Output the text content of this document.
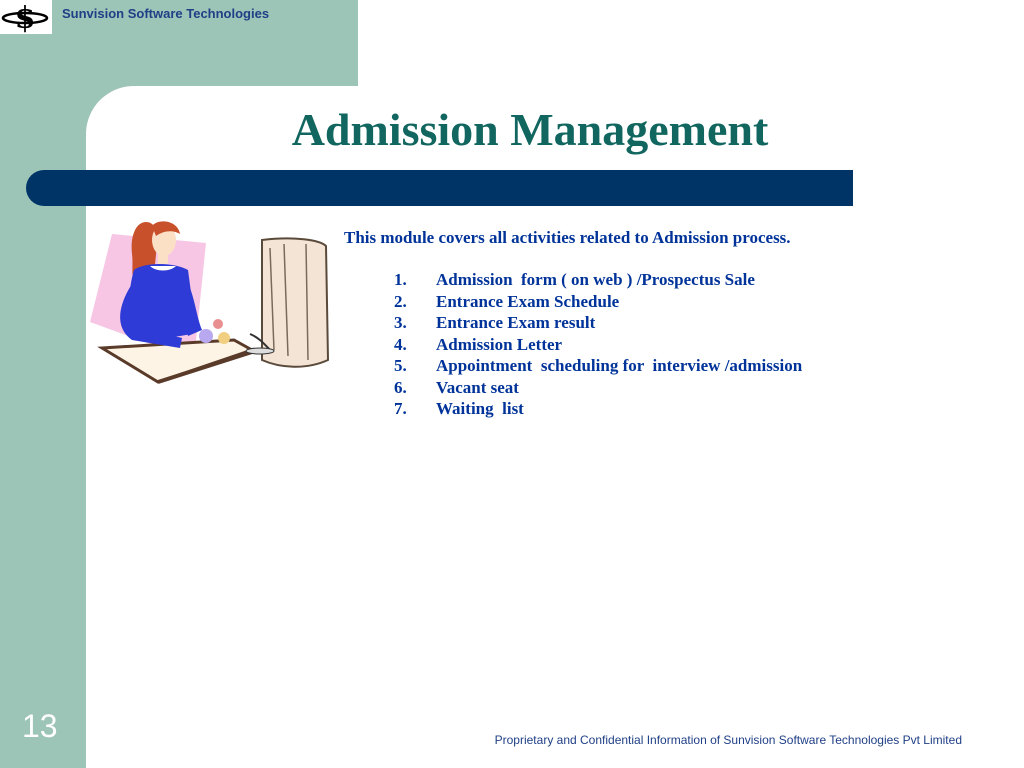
$ Sunvision Software Technologies
Admission Management
This module covers all activities related to Admission process.
1. Admission  form ( on web ) /Prospectus Sale
2. Entrance Exam Schedule
3. Entrance Exam result
4. Admission Letter
5. Appointment  scheduling for  interview /admission
6. Vacant seat
7. Waiting  list
13	Proprietary and Confidential Information of Sunvision Software Technologies Pvt Limited
